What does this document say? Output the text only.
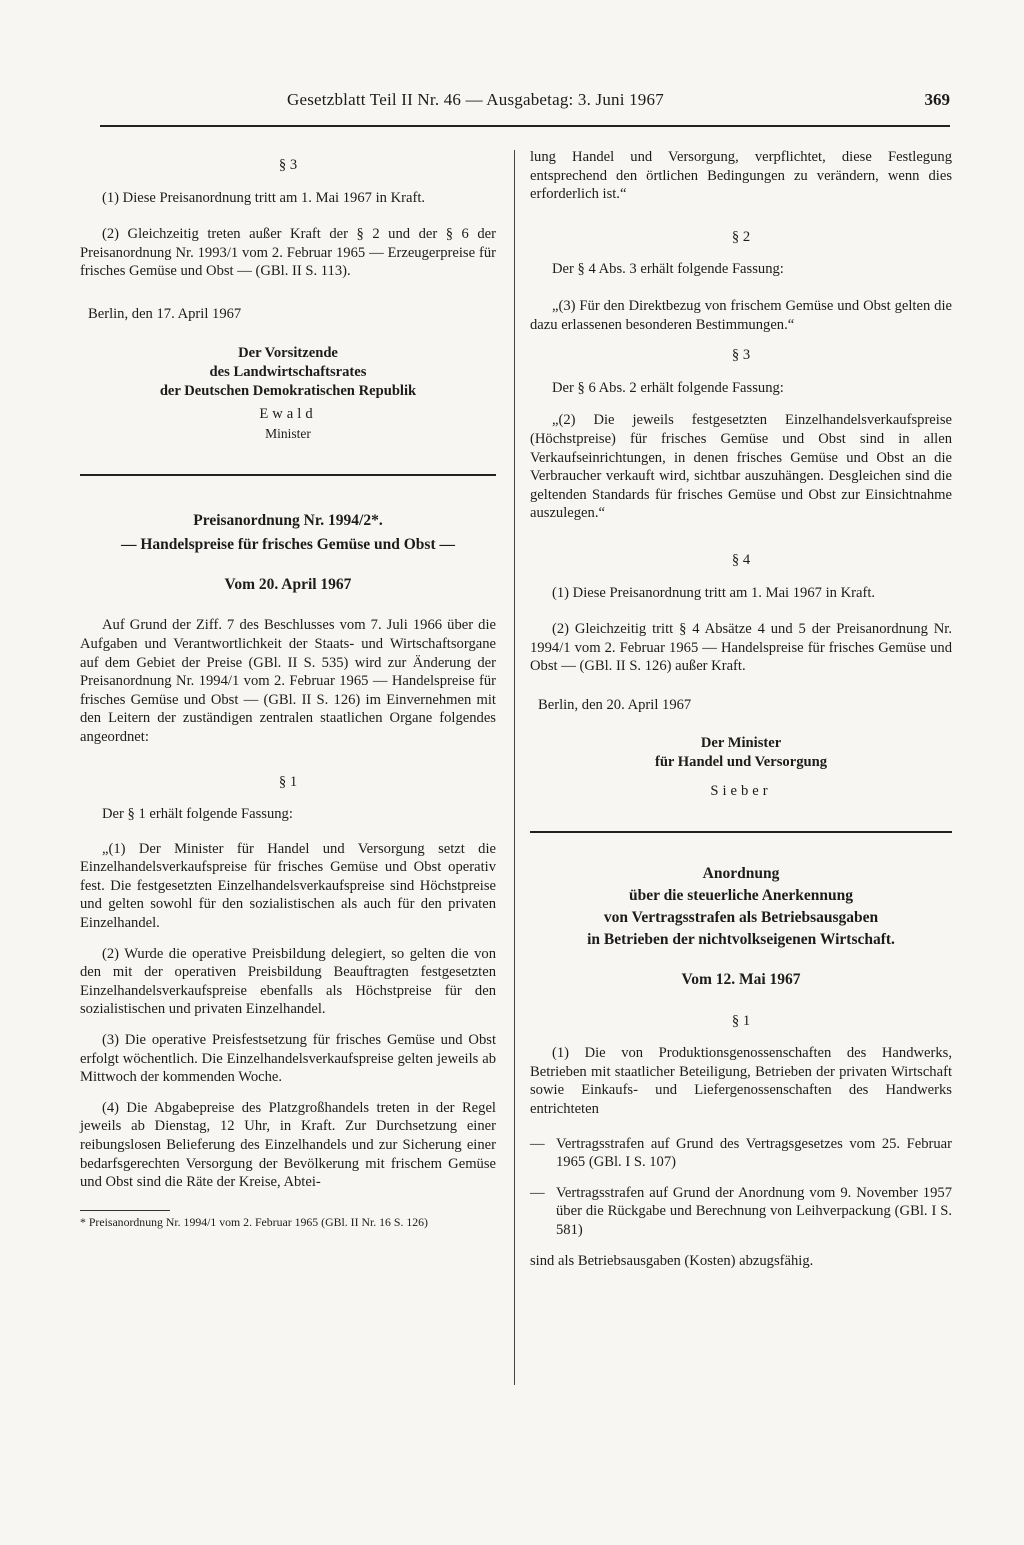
Gesetzblatt Teil II Nr. 46 — Ausgabetag: 3. Juni 1967	369
§ 3

(1) Diese Preisanordnung tritt am 1. Mai 1967 in Kraft.

(2) Gleichzeitig treten außer Kraft der § 2 und der § 6 der Preisanordnung Nr. 1993/1 vom 2. Februar 1965 — Erzeugerpreise für frisches Gemüse und Obst — (GBl. II S. 113).

Berlin, den 17. April 1967

Der Vorsitzende
des Landwirtschaftsrates
der Deutschen Demokratischen Republik
Ewald
Minister
Preisanordnung Nr. 1994/2*.
— Handelspreise für frisches Gemüse und Obst —
Vom 20. April 1967

Auf Grund der Ziff. 7 des Beschlusses vom 7. Juli 1966 über die Aufgaben und Verantwortlichkeit der Staats- und Wirtschaftsorgane auf dem Gebiet der Preise (GBl. II S. 535) wird zur Änderung der Preisanordnung Nr. 1994/1 vom 2. Februar 1965 — Handelspreise für frisches Gemüse und Obst — (GBl. II S. 126) im Einvernehmen mit den Leitern der zuständigen zentralen staatlichen Organe folgendes angeordnet:

§ 1

Der § 1 erhält folgende Fassung:

„(1) Der Minister für Handel und Versorgung setzt die Einzelhandelsverkaufspreise für frisches Gemüse und Obst operativ fest. Die festgesetzten Einzelhandelsverkaufspreise sind Höchstpreise und gelten sowohl für den sozialistischen als auch für den privaten Einzelhandel.

(2) Wurde die operative Preisbildung delegiert, so gelten die von den mit der operativen Preisbildung Beauftragten festgesetzten Einzelhandelsverkaufspreise ebenfalls als Höchstpreise für den sozialistischen und privaten Einzelhandel.

(3) Die operative Preisfestsetzung für frisches Gemüse und Obst erfolgt wöchentlich. Die Einzelhandelsverkaufspreise gelten jeweils ab Mittwoch der kommenden Woche.

(4) Die Abgabepreise des Platzgroßhandels treten in der Regel jeweils ab Dienstag, 12 Uhr, in Kraft. Zur Durchsetzung einer reibungslosen Belieferung des Einzelhandels und zur Sicherung einer bedarfsgerechten Versorgung der Bevölkerung mit frischem Gemüse und Obst sind die Räte der Kreise, Abtei-

* Preisanordnung Nr. 1994/1 vom 2. Februar 1965 (GBl. II Nr. 16 S. 126)

lung Handel und Versorgung, verpflichtet, diese Festlegung entsprechend den örtlichen Bedingungen zu verändern, wenn dies erforderlich ist.“

§ 2

Der § 4 Abs. 3 erhält folgende Fassung:

„(3) Für den Direktbezug von frischem Gemüse und Obst gelten die dazu erlassenen besonderen Bestimmungen.“

§ 3

Der § 6 Abs. 2 erhält folgende Fassung:

„(2) Die jeweils festgesetzten Einzelhandelsverkaufspreise (Höchstpreise) für frisches Gemüse und Obst sind in allen Verkaufseinrichtungen, in denen frisches Gemüse und Obst an die Verbraucher verkauft wird, sichtbar auszuhängen. Desgleichen sind die geltenden Standards für frisches Gemüse und Obst zur Einsichtnahme auszulegen.“

§ 4

(1) Diese Preisanordnung tritt am 1. Mai 1967 in Kraft.

(2) Gleichzeitig tritt § 4 Absätze 4 und 5 der Preisanordnung Nr. 1994/1 vom 2. Februar 1965 — Handelspreise für frisches Gemüse und Obst — (GBl. II S. 126) außer Kraft.

Berlin, den 20. April 1967

Der Minister
für Handel und Versorgung
Sieber
Anordnung
über die steuerliche Anerkennung
von Vertragsstrafen als Betriebsausgaben
in Betrieben der nichtvolkseigenen Wirtschaft.
Vom 12. Mai 1967
§ 1

(1) Die von Produktionsgenossenschaften des Handwerks, Betrieben mit staatlicher Beteiligung, Betrieben der privaten Wirtschaft sowie Einkaufs- und Liefergenossenschaften des Handwerks entrichteten

— Vertragsstrafen auf Grund des Vertragsgesetzes vom 25. Februar 1965 (GBl. I S. 107)

— Vertragsstrafen auf Grund der Anordnung vom 9. November 1957 über die Rückgabe und Berechnung von Leihverpackung (GBl. I S. 581)

sind als Betriebsausgaben (Kosten) abzugsfähig.
